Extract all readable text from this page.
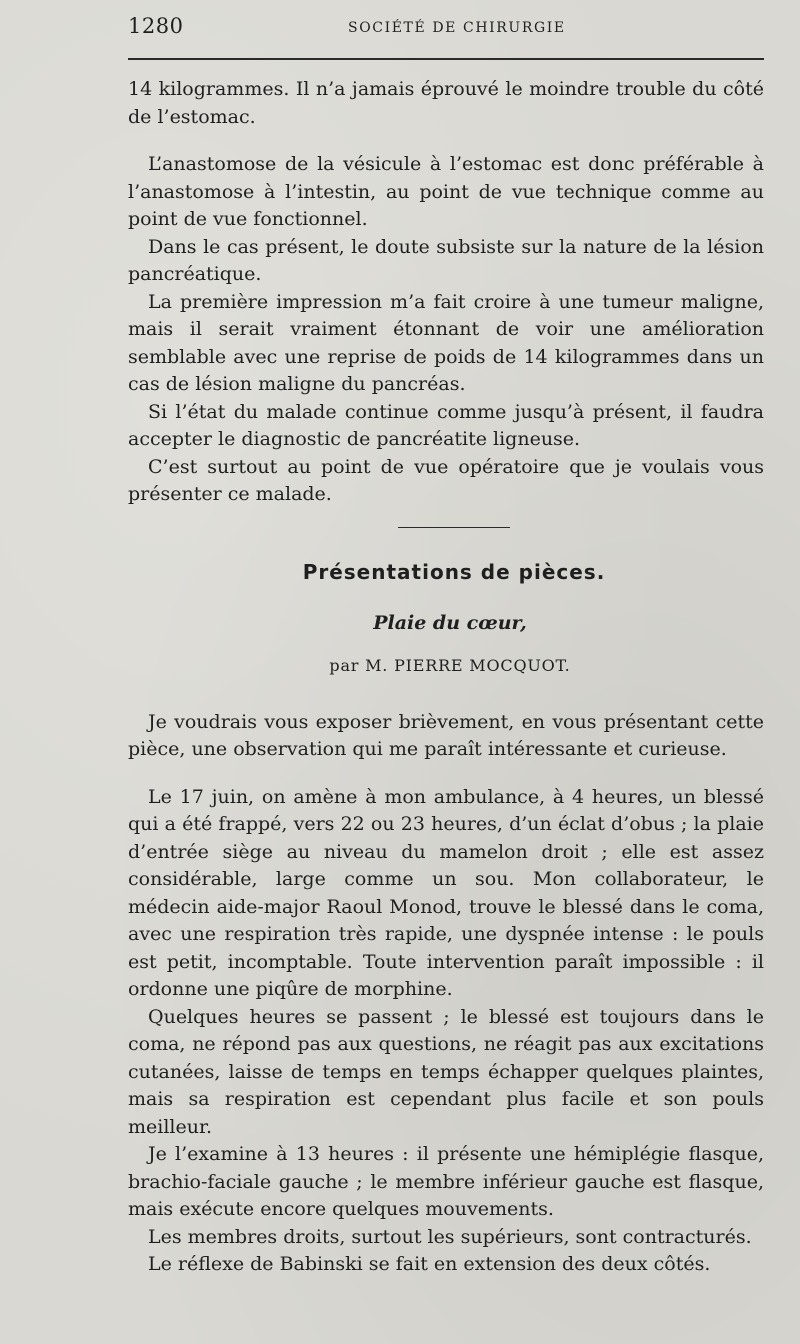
1280	SOCIÉTÉ DE CHIRURGIE

14 kilogrammes. Il n’a jamais éprouvé le moindre trouble du côté de l’estomac.

L’anastomose de la vésicule à l’estomac est donc préférable à l’anastomose à l’intestin, au point de vue technique comme au point de vue fonctionnel.

Dans le cas présent, le doute subsiste sur la nature de la lésion pancréatique.

La première impression m’a fait croire à une tumeur maligne, mais il serait vraiment étonnant de voir une amélioration semblable avec une reprise de poids de 14 kilogrammes dans un cas de lésion maligne du pancréas.

Si l’état du malade continue comme jusqu’à présent, il faudra accepter le diagnostic de pancréatite ligneuse.

C’est surtout au point de vue opératoire que je voulais vous présenter ce malade.

Présentations de pièces.
Plaie du cœur,
par M. PIERRE MOCQUOT.

Je voudrais vous exposer brièvement, en vous présentant cette pièce, une observation qui me paraît intéressante et curieuse.

Le 17 juin, on amène à mon ambulance, à 4 heures, un blessé qui a été frappé, vers 22 ou 23 heures, d’un éclat d’obus ; la plaie d’entrée siège au niveau du mamelon droit ; elle est assez considérable, large comme un sou. Mon collaborateur, le médecin aide-major Raoul Monod, trouve le blessé dans le coma, avec une respiration très rapide, une dyspnée intense : le pouls est petit, incomptable. Toute intervention paraît impossible : il ordonne une piqûre de morphine.

Quelques heures se passent ; le blessé est toujours dans le coma, ne répond pas aux questions, ne réagit pas aux excitations cutanées, laisse de temps en temps échapper quelques plaintes, mais sa respiration est cependant plus facile et son pouls meilleur.

Je l’examine à 13 heures : il présente une hémiplégie flasque, brachio-faciale gauche ; le membre inférieur gauche est flasque, mais exécute encore quelques mouvements.

Les membres droits, surtout les supérieurs, sont contracturés.

Le réflexe de Babinski se fait en extension des deux côtés.
